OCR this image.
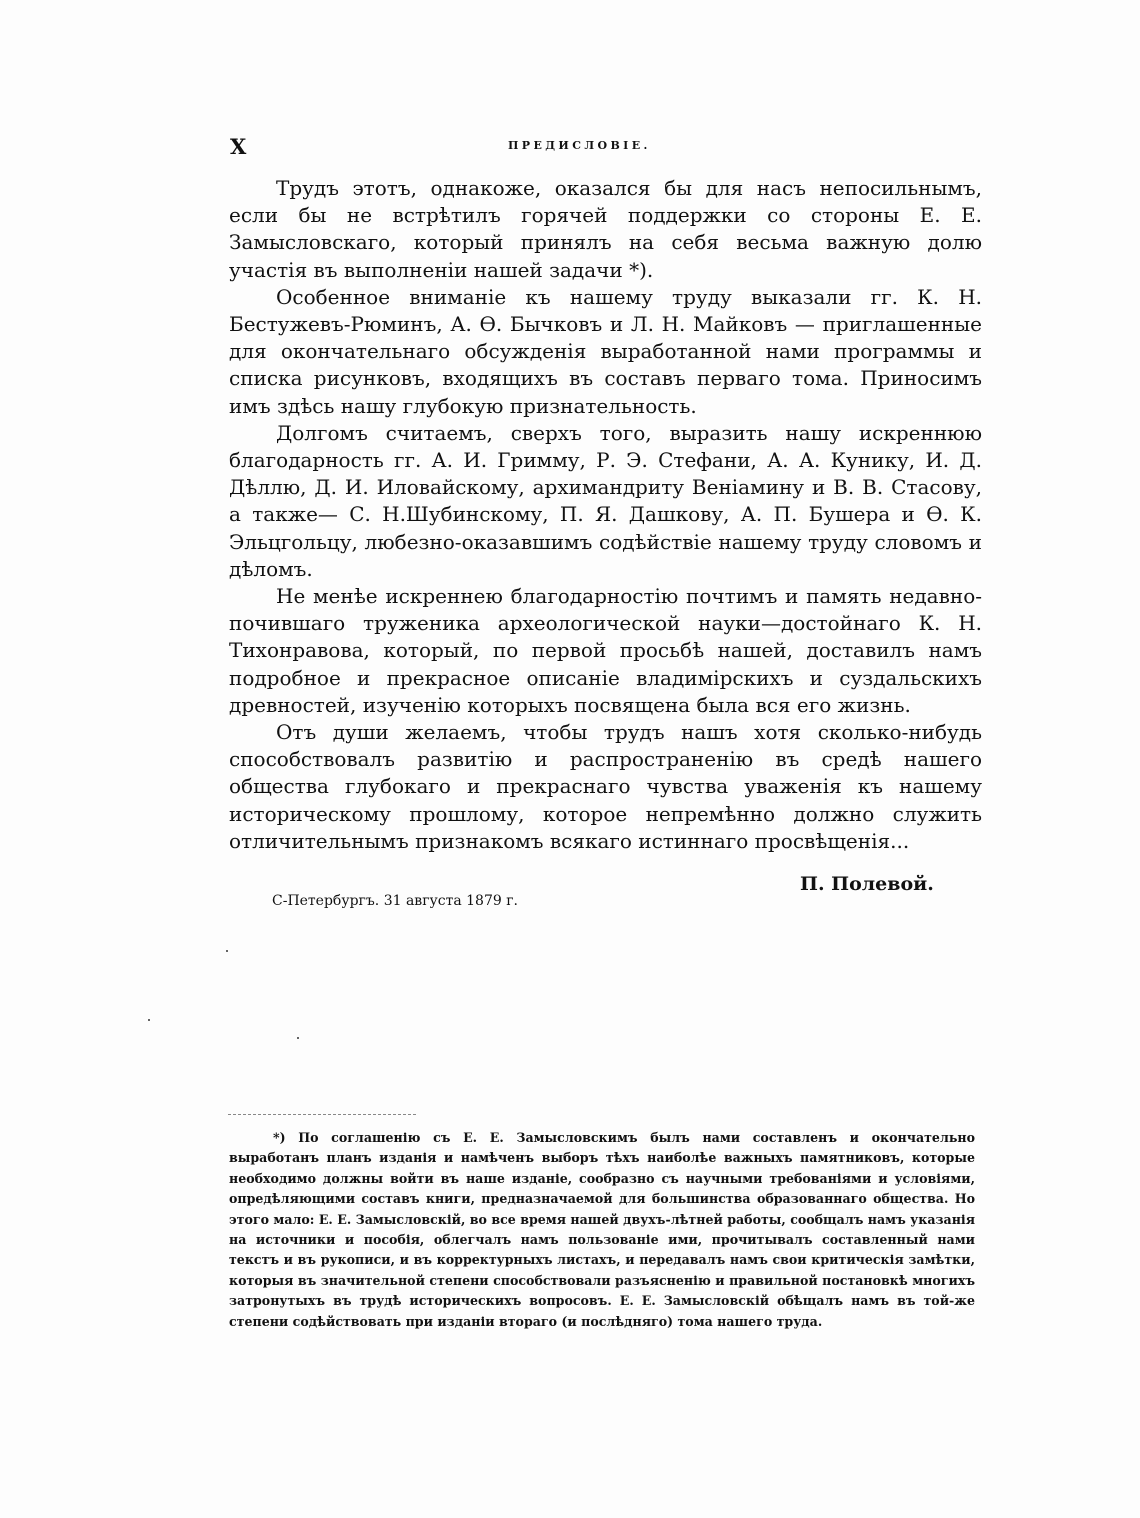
X	ПРЕДИСЛОВІЕ.

Трудъ этотъ, однакоже, оказался бы для насъ непосильнымъ, если бы не встрѣтилъ горячей поддержки со стороны Е. Е. Замысловскаго, который принялъ на себя весьма важную долю участія въ выполненіи нашей задачи *).

Особенное вниманіе къ нашему труду выказали гг. К. Н. Бестужевъ-Рюминъ, А. Ѳ. Бычковъ и Л. Н. Майковъ — приглашенные для окончательнаго обсужденія выработанной нами программы и списка рисунковъ, входящихъ въ составъ перваго тома. Приносимъ имъ здѣсь нашу глубокую признательность.

Долгомъ считаемъ, сверхъ того, выразить нашу искреннюю благодарность гг. А. И. Гримму, Р. Э. Стефани, А. А. Кунику, И. Д. Дѣллю, Д. И. Иловайскому, архимандриту Веніамину и В. В. Стасову, а также— С. Н.Шубинскому, П. Я. Дашкову, А. П. Бушера и Ѳ. К. Эльцгольцу, любезно-оказавшимъ содѣйствіе нашему труду словомъ и дѣломъ.

Не менѣе искреннею благодарностію почтимъ и память недавно-почившаго труженика археологической науки—достойнаго К. Н. Тихонравова, который, по первой просьбѣ нашей, доставилъ намъ подробное и прекрасное описаніе владимірскихъ и суздальскихъ древностей, изученію которыхъ посвящена была вся его жизнь.

Отъ души желаемъ, чтобы трудъ нашъ хотя сколько-нибудь способствовалъ развитію и распространенію въ средѣ нашего общества глубокаго и прекраснаго чувства уваженія къ нашему историческому прошлому, которое непремѣнно должно служить отличительнымъ признакомъ всякаго истиннаго просвѣщенія...

П. Полевой.
С-Петербургъ. 31 августа 1879 г.

*) По соглашенію съ Е. Е. Замысловскимъ былъ нами составленъ и окончательно выработанъ планъ изданія и намѣченъ выборъ тѣхъ наиболѣе важныхъ памятниковъ, которые необходимо должны войти въ наше изданіе, сообразно съ научными требованіями и условіями, опредѣляющими составъ книги, предназначаемой для большинства образованнаго общества. Но этого мало: Е. Е. Замысловскій, во все время нашей двухъ-лѣтней работы, сообщалъ намъ указанія на источники и пособія, облегчалъ намъ пользованіе ими, прочитывалъ составленный нами текстъ и въ рукописи, и въ корректурныхъ листахъ, и передавалъ намъ свои критическія замѣтки, которыя въ значительной степени способствовали разъясненію и правильной постановкѣ многихъ затронутыхъ въ трудѣ историческихъ вопросовъ. Е. Е. Замысловскій обѣщалъ намъ въ той-же степени содѣйствовать при изданіи втораго (и послѣдняго) тома нашего труда.
